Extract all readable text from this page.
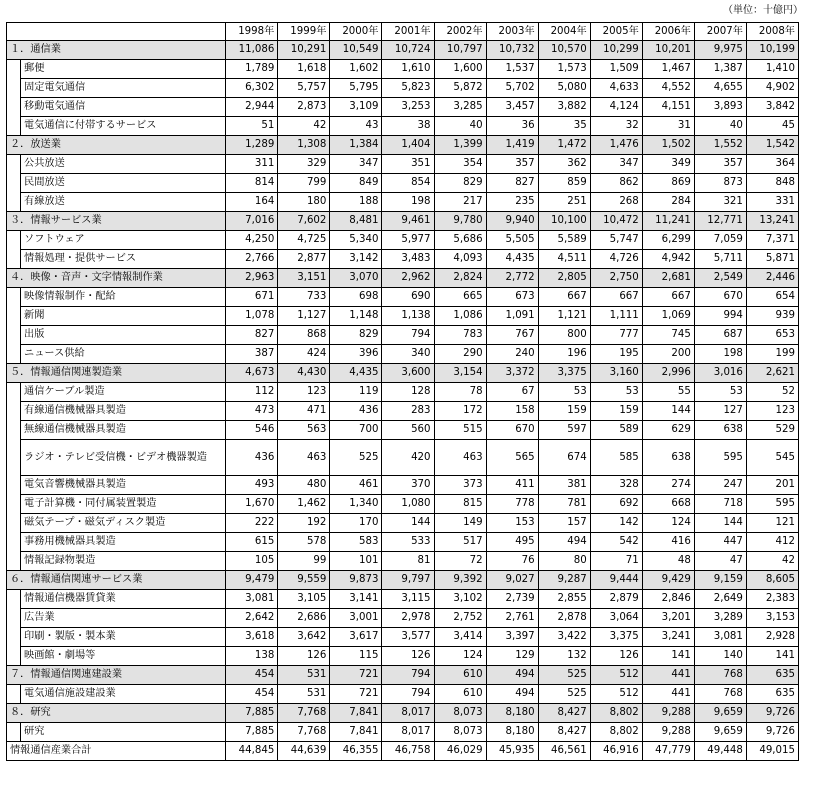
（単位：十億円）
		1998年	1999年	2000年	2001年	2002年	2003年	2004年	2005年	2006年	2007年	2008年
１．通信業		11,086	10,291	10,549	10,724	10,797	10,732	10,570	10,299	10,201	9,975	10,199
	郵便	1,789	1,618	1,602	1,610	1,600	1,537	1,573	1,509	1,467	1,387	1,410
	固定電気通信	6,302	5,757	5,795	5,823	5,872	5,702	5,080	4,633	4,552	4,655	4,902
	移動電気通信	2,944	2,873	3,109	3,253	3,285	3,457	3,882	4,124	4,151	3,893	3,842
	電気通信に付帯するサービス	51	42	43	38	40	36	35	32	31	40	45
２．放送業		1,289	1,308	1,384	1,404	1,399	1,419	1,472	1,476	1,502	1,552	1,542
	公共放送	311	329	347	351	354	357	362	347	349	357	364
	民間放送	814	799	849	854	829	827	859	862	869	873	848
	有線放送	164	180	188	198	217	235	251	268	284	321	331
３．情報サービス業		7,016	7,602	8,481	9,461	9,780	9,940	10,100	10,472	11,241	12,771	13,241
	ソフトウェア	4,250	4,725	5,340	5,977	5,686	5,505	5,589	5,747	6,299	7,059	7,371
	情報処理・提供サービス	2,766	2,877	3,142	3,483	4,093	4,435	4,511	4,726	4,942	5,711	5,871
４．映像・音声・文字情報制作業		2,963	3,151	3,070	2,962	2,824	2,772	2,805	2,750	2,681	2,549	2,446
	映像情報制作・配給	671	733	698	690	665	673	667	667	667	670	654
	新聞	1,078	1,127	1,148	1,138	1,086	1,091	1,121	1,111	1,069	994	939
	出版	827	868	829	794	783	767	800	777	745	687	653
	ニュース供給	387	424	396	340	290	240	196	195	200	198	199
５．情報通信関連製造業		4,673	4,430	4,435	3,600	3,154	3,372	3,375	3,160	2,996	3,016	2,621
	通信ケーブル製造	112	123	119	128	78	67	53	53	55	53	52
	有線通信機械器具製造	473	471	436	283	172	158	159	159	144	127	123
	無線通信機械器具製造	546	563	700	560	515	670	597	589	629	638	529
	ラジオ・テレビ受信機・ビデオ機器製造	436	463	525	420	463	565	674	585	638	595	545
	電気音響機械器具製造	493	480	461	370	373	411	381	328	274	247	201
	電子計算機・同付属装置製造	1,670	1,462	1,340	1,080	815	778	781	692	668	718	595
	磁気テープ・磁気ディスク製造	222	192	170	144	149	153	157	142	124	144	121
	事務用機械器具製造	615	578	583	533	517	495	494	542	416	447	412
	情報記録物製造	105	99	101	81	72	76	80	71	48	47	42
６．情報通信関連サービス業		9,479	9,559	9,873	9,797	9,392	9,027	9,287	9,444	9,429	9,159	8,605
	情報通信機器賃貸業	3,081	3,105	3,141	3,115	3,102	2,739	2,855	2,879	2,846	2,649	2,383
	広告業	2,642	2,686	3,001	2,978	2,752	2,761	2,878	3,064	3,201	3,289	3,153
	印刷・製版・製本業	3,618	3,642	3,617	3,577	3,414	3,397	3,422	3,375	3,241	3,081	2,928
	映画館・劇場等	138	126	115	126	124	129	132	126	141	140	141
７．情報通信関連建設業		454	531	721	794	610	494	525	512	441	768	635
	電気通信施設建設業	454	531	721	794	610	494	525	512	441	768	635
８．研究		7,885	7,768	7,841	8,017	8,073	8,180	8,427	8,802	9,288	9,659	9,726
	研究	7,885	7,768	7,841	8,017	8,073	8,180	8,427	8,802	9,288	9,659	9,726
情報通信産業合計		44,845	44,639	46,355	46,758	46,029	45,935	46,561	46,916	47,779	49,448	49,015
